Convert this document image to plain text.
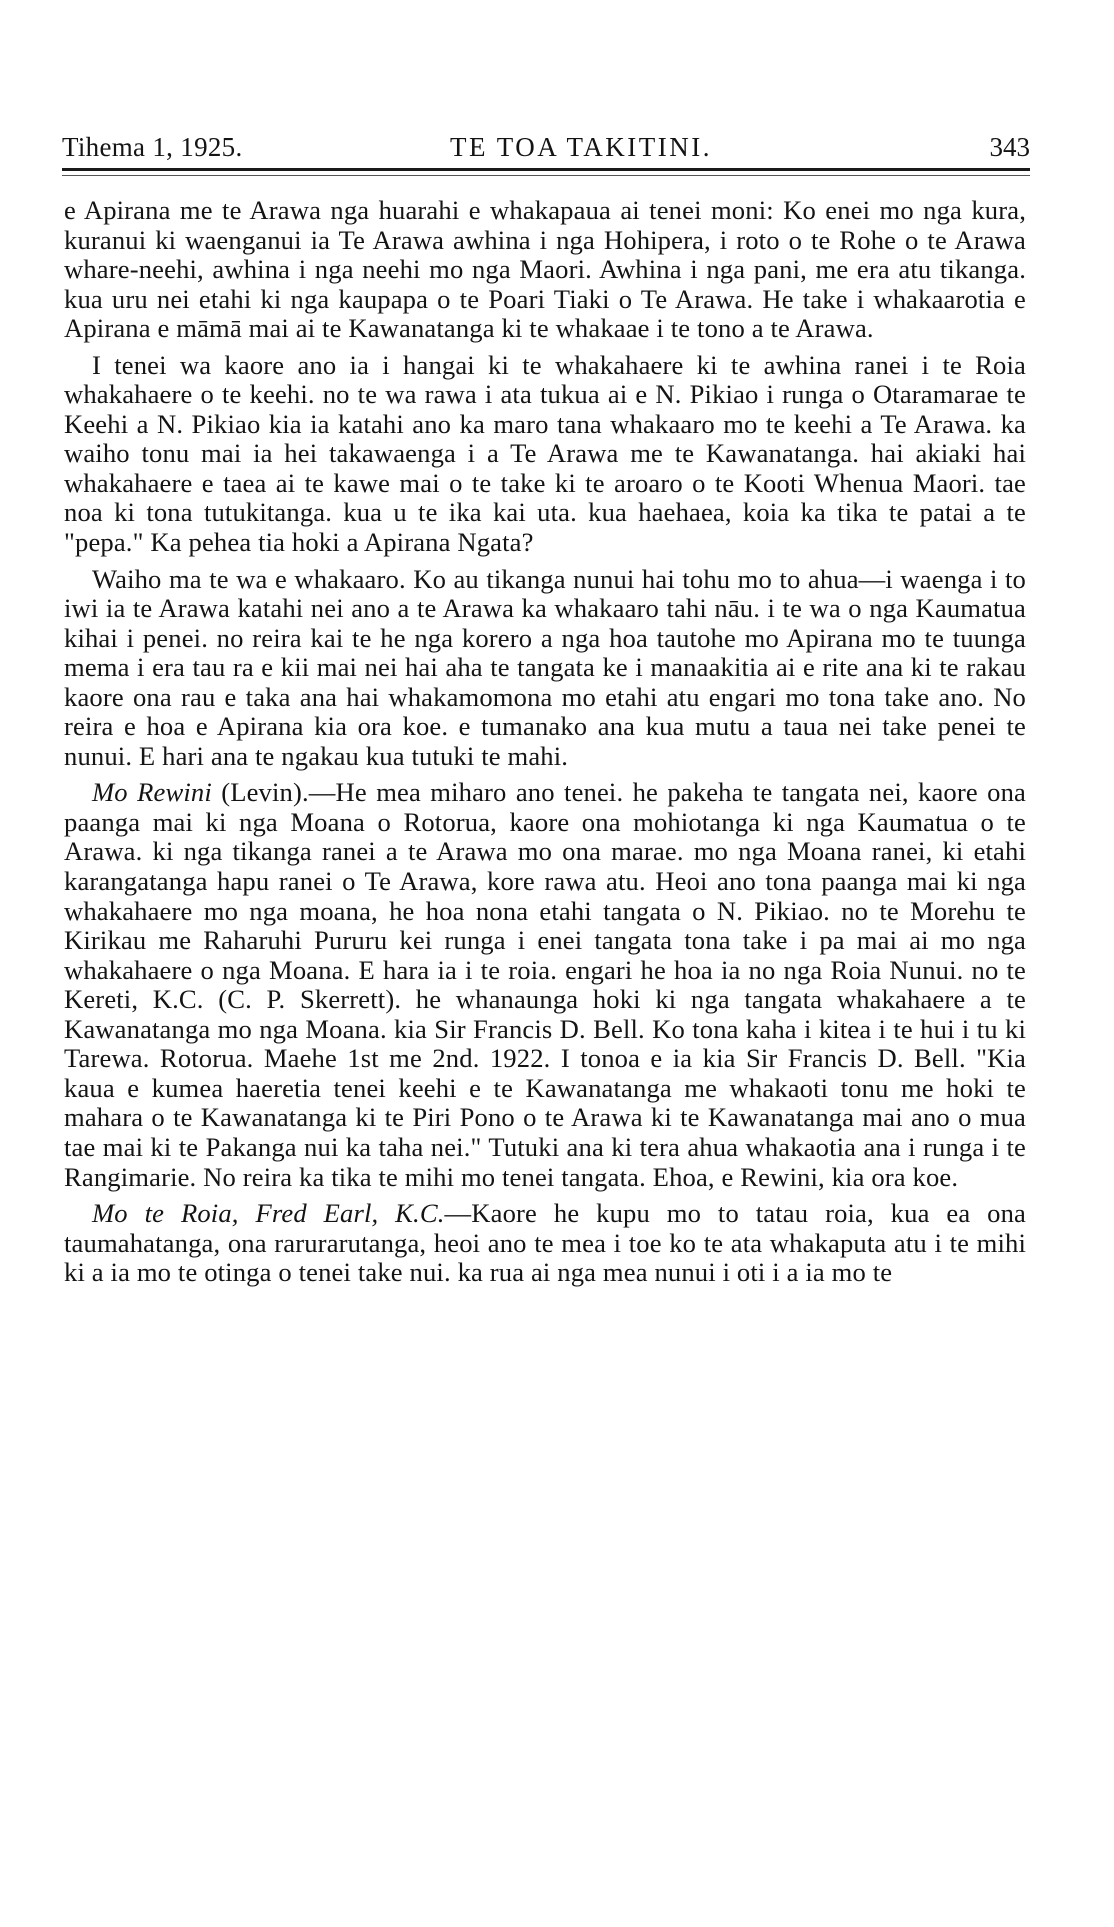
Tihema 1, 1925.	TE TOA TAKITINI.	343

e Apirana me te Arawa nga huarahi e whakapaua ai tenei moni: Ko enei mo nga kura, kuranui ki waenganui ia Te Arawa awhina i nga Hohipera, i roto o te Rohe o te Arawa whare-neehi, awhina i nga neehi mo nga Maori. Awhina i nga pani, me era atu tikanga. kua uru nei etahi ki nga kaupapa o te Poari Tiaki o Te Arawa. He take i whakaarotia e Apirana e māmā mai ai te Kawanatanga ki te whakaae i te tono a te Arawa.

I tenei wa kaore ano ia i hangai ki te whakahaere ki te awhina ranei i te Roia whakahaere o te keehi. no te wa rawa i ata tukua ai e N. Pikiao i runga o Otaramarae te Keehi a N. Pikiao kia ia katahi ano ka maro tana whakaaro mo te keehi a Te Arawa. ka waiho tonu mai ia hei takawaenga i a Te Arawa me te Kawanatanga. hai akiaki hai whakahaere e taea ai te kawe mai o te take ki te aroaro o te Kooti Whenua Maori. tae noa ki tona tutukitanga. kua u te ika kai uta. kua haehaea, koia ka tika te patai a te "pepa." Ka pehea tia hoki a Apirana Ngata?

Waiho ma te wa e whakaaro. Ko au tikanga nunui hai tohu mo to ahua—i waenga i to iwi ia te Arawa katahi nei ano a te Arawa ka whakaaro tahi nāu. i te wa o nga Kaumatua kihai i penei. no reira kai te he nga korero a nga hoa tautohe mo Apirana mo te tuunga mema i era tau ra e kii mai nei hai aha te tangata ke i manaakitia ai e rite ana ki te rakau kaore ona rau e taka ana hai whakamomona mo etahi atu engari mo tona take ano. No reira e hoa e Apirana kia ora koe. e tumanako ana kua mutu a taua nei take penei te nunui. E hari ana te ngakau kua tutuki te mahi.

Mo Rewini (Levin).—He mea miharo ano tenei. he pakeha te tangata nei, kaore ona paanga mai ki nga Moana o Rotorua, kaore ona mohiotanga ki nga Kaumatua o te Arawa. ki nga tikanga ranei a te Arawa mo ona marae. mo nga Moana ranei, ki etahi karangatanga hapu ranei o Te Arawa, kore rawa atu. Heoi ano tona paanga mai ki nga whakahaere mo nga moana, he hoa nona etahi tangata o N. Pikiao. no te Morehu te Kirikau me Raharuhi Pururu kei runga i enei tangata tona take i pa mai ai mo nga whakahaere o nga Moana. E hara ia i te roia. engari he hoa ia no nga Roia Nunui. no te Kereti, K.C. (C. P. Skerrett). he whanaunga hoki ki nga tangata whakahaere a te Kawanatanga mo nga Moana. kia Sir Francis D. Bell. Ko tona kaha i kitea i te hui i tu ki Tarewa. Rotorua. Maehe 1st me 2nd. 1922. I tonoa e ia kia Sir Francis D. Bell. "Kia kaua e kumea haeretia tenei keehi e te Kawanatanga me whakaoti tonu me hoki te mahara o te Kawanatanga ki te Piri Pono o te Arawa ki te Kawanatanga mai ano o mua tae mai ki te Pakanga nui ka taha nei." Tutuki ana ki tera ahua whakaotia ana i runga i te Rangimarie. No reira ka tika te mihi mo tenei tangata. Ehoa, e Rewini, kia ora koe.

Mo te Roia, Fred Earl, K.C.—Kaore he kupu mo to tatau roia, kua ea ona taumahatanga, ona rarurarutanga, heoi ano te mea i toe ko te ata whakaputa atu i te mihi ki a ia mo te otinga o tenei take nui. ka rua ai nga mea nunui i oti i a ia mo te
